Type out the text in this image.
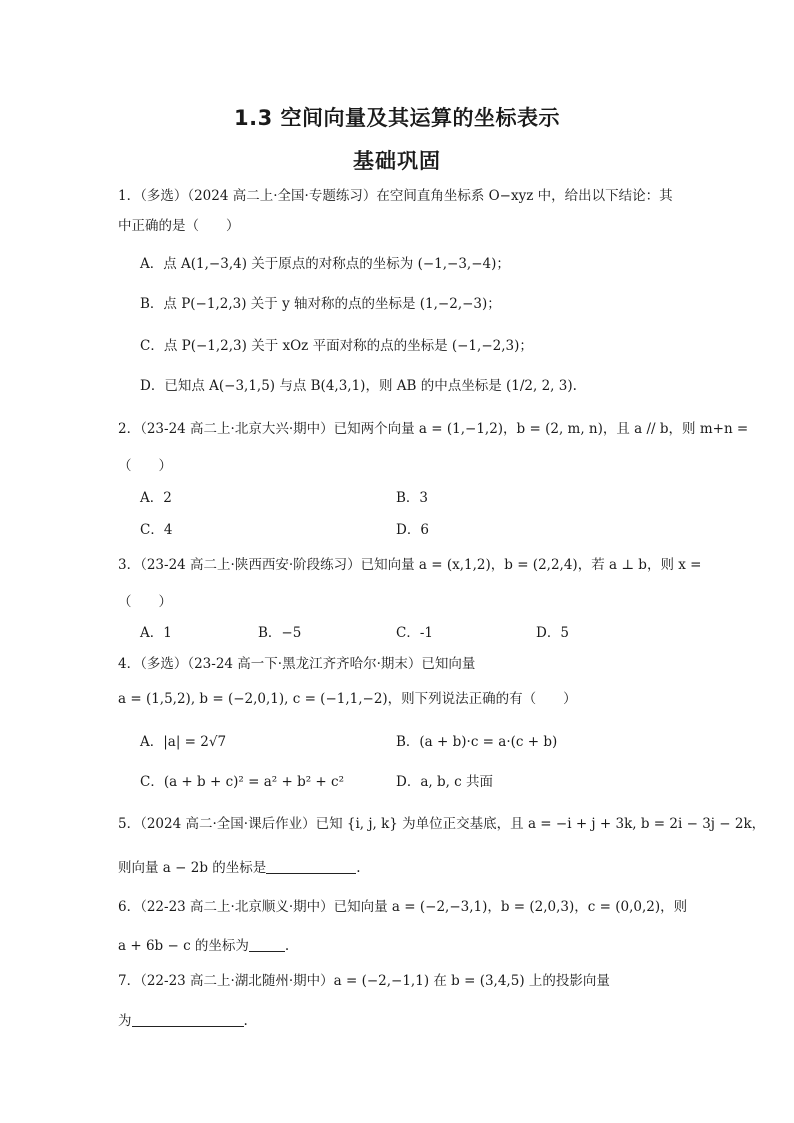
1.3 空间向量及其运算的坐标表示
基础巩固
1．（多选）（2024 高二上·全国·专题练习）在空间直角坐标系 O−xyz 中，给出以下结论：其
中正确的是（　　）
A．点 A(1,−3,4) 关于原点的对称点的坐标为 (−1,−3,−4)；
B．点 P(−1,2,3) 关于 y 轴对称的点的坐标是 (1,−2,−3)；
C．点 P(−1,2,3) 关于 xOz 平面对称的点的坐标是 (−1,−2,3)；
D．已知点 A(−3,1,5) 与点 B(4,3,1)，则 AB 的中点坐标是 (1/2, 2, 3).
2．（23-24 高二上·北京大兴·期中）已知两个向量 a = (1,−1,2)，b = (2, m, n)，且 a // b，则 m+n =
（　　）
A．2	B．3
C．4	D．6
3．（23-24 高二上·陕西西安·阶段练习）已知向量 a = (x,1,2)，b = (2,2,4)，若 a ⊥ b，则 x =
（　　）
A．1	B．−5	C．-1	D．5
4．（多选）（23-24 高一下·黑龙江齐齐哈尔·期末）已知向量
a = (1,5,2), b = (−2,0,1), c = (−1,1,−2)，则下列说法正确的有（　　）
A．|a| = 2√7	B．(a + b)·c = a·(c + b)
C．(a + b + c)² = a² + b² + c²	D．a, b, c 共面
5．（2024 高二·全国·课后作业）已知 {i, j, k} 为单位正交基底，且 a = −i + j + 3k, b = 2i − 3j − 2k，
则向量 a − 2b 的坐标是	.
6．（22-23 高二上·北京顺义·期中）已知向量 a = (−2,−3,1)，b = (2,0,3)，c = (0,0,2)，则
a + 6b − c 的坐标为	.
7．（22-23 高二上·湖北随州·期中）a = (−2,−1,1) 在 b = (3,4,5) 上的投影向量
为	.
